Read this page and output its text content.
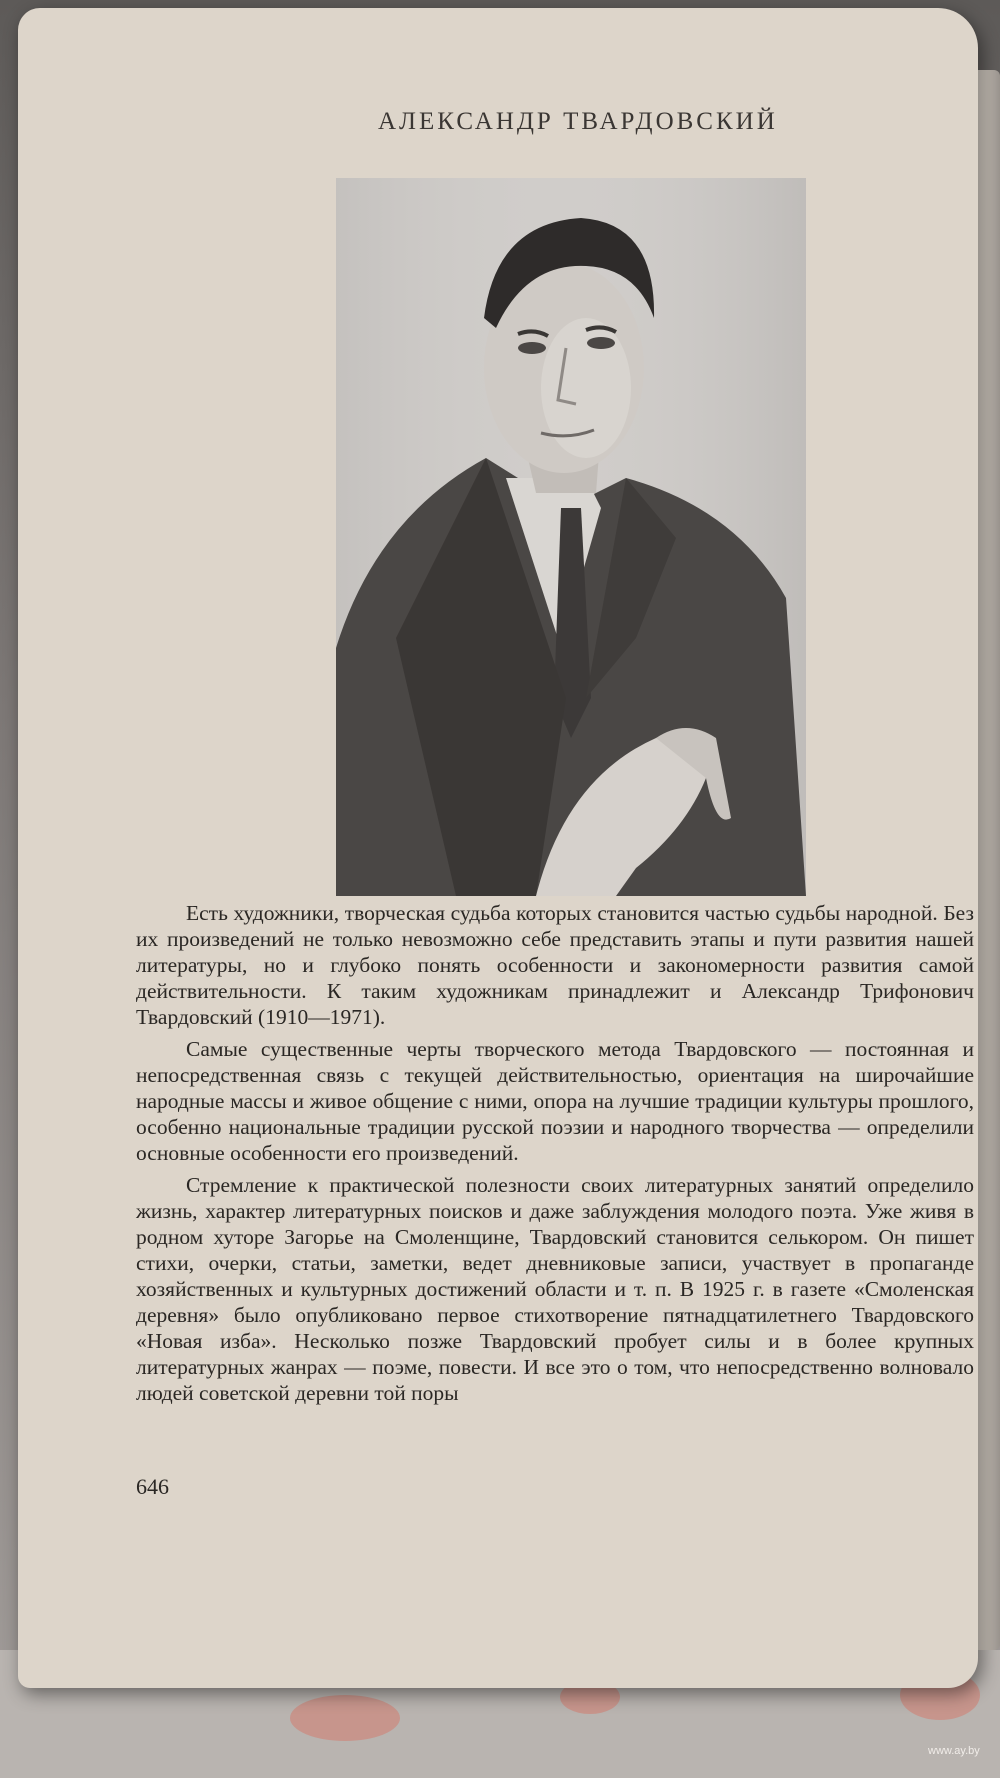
АЛЕКСАНДР ТВАРДОВСКИЙ

Есть художники, творческая судьба которых становится частью судьбы народной. Без их произведений не только невозможно себе представить этапы и пути развития нашей литературы, но и глубоко понять особенности и закономерности развития самой действительности. К таким художникам принадлежит и Александр Трифонович Твардовский (1910—1971).

Самые существенные черты творческого метода Твардовского — постоянная и непосредственная связь с текущей действительностью, ориентация на широчайшие народные массы и живое общение с ними, опора на лучшие традиции культуры прошлого, особенно национальные традиции русской поэзии и народного творчества — определили основные особенности его произведений.

Стремление к практической полезности своих литературных занятий определило жизнь, характер литературных поисков и даже заблуждения молодого поэта. Уже живя в родном хуторе Загорье на Смоленщине, Твардовский становится селькором. Он пишет стихи, очерки, статьи, заметки, ведет дневниковые записи, участвует в пропаганде хозяйственных и культурных достижений области и т. п. В 1925 г. в газете «Смоленская деревня» было опубликовано первое стихотворение пятнадцатилетнего Твардовского «Новая изба». Несколько позже Твардовский пробует силы и в более крупных литературных жанрах — поэме, повести. И все это о том, что непосредственно волновало людей советской деревни той поры

646
www.ay.by
